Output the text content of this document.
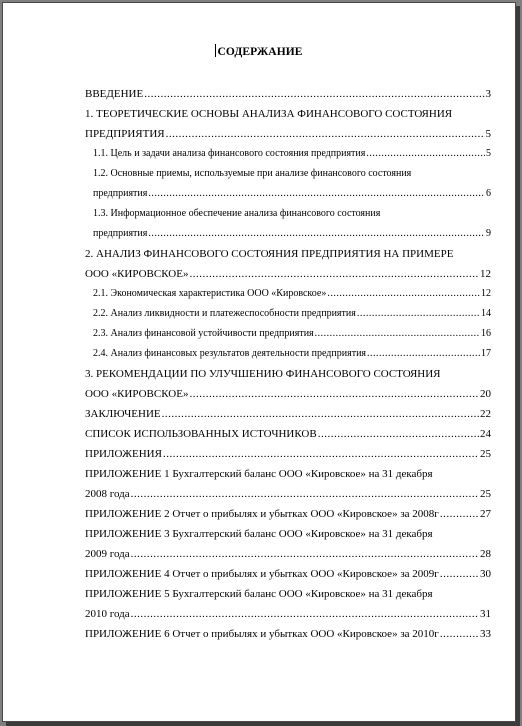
СОДЕРЖАНИЕ
ВВЕДЕНИЕ .....	3
1. ТЕОРЕТИЧЕСКИЕ ОСНОВЫ АНАЛИЗА ФИНАНСОВОГО СОСТОЯНИЯ
ПРЕДПРИЯТИЯ .....	5
1.1. Цель и задачи анализа финансового состояния предприятия .....	5
1.2. Основные приемы, используемые при анализе финансового состояния
предприятия .....	6
1.3. Информационное обеспечение анализа финансового состояния
предприятия .....	9
2. АНАЛИЗ ФИНАНСОВОГО СОСТОЯНИЯ ПРЕДПРИЯТИЯ НА ПРИМЕРЕ
ООО «КИРОВСКОЕ» .....	12
2.1. Экономическая характеристика ООО «Кировское» .....	12
2.2. Анализ ликвидности и платежеспособности предприятия .....	14
2.3. Анализ финансовой устойчивости предприятия .....	16
2.4. Анализ финансовых результатов деятельности предприятия .....	17
3. РЕКОМЕНДАЦИИ ПО УЛУЧШЕНИЮ ФИНАНСОВОГО СОСТОЯНИЯ
ООО «КИРОВСКОЕ» .....	20
ЗАКЛЮЧЕНИЕ .....	22
СПИСОК ИСПОЛЬЗОВАННЫХ ИСТОЧНИКОВ .....	24
ПРИЛОЖЕНИЯ .....	25
ПРИЛОЖЕНИЕ 1 Бухгалтерский баланс ООО «Кировское» на 31 декабря
2008 года .....	25
ПРИЛОЖЕНИЕ 2 Отчет о прибылях и убытках ООО «Кировское» за 2008г .....	27
ПРИЛОЖЕНИЕ 3 Бухгалтерский баланс ООО «Кировское» на 31 декабря
2009 года .....	28
ПРИЛОЖЕНИЕ 4 Отчет о прибылях и убытках ООО «Кировское» за 2009г .....	30
ПРИЛОЖЕНИЕ 5 Бухгалтерский баланс ООО «Кировское» на 31 декабря
2010 года .....	31
ПРИЛОЖЕНИЕ 6 Отчет о прибылях и убытках ООО «Кировское» за 2010г .....	33
